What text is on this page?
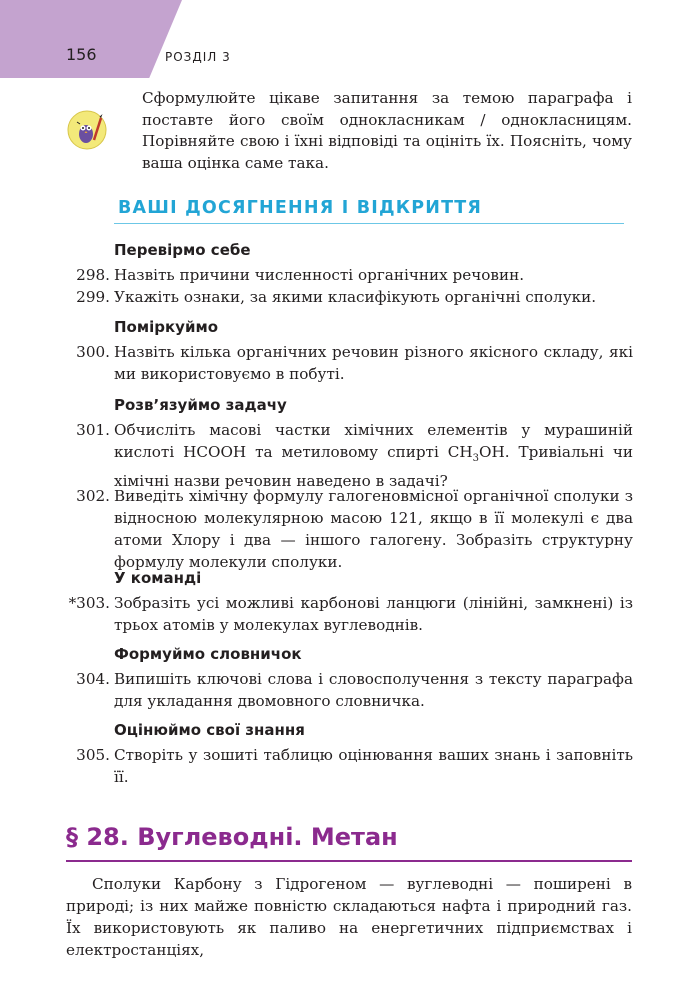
156	РОЗДІЛ 3

Сформулюйте цікаве запитання за темою параграфа і поставте його своїм однокласникам / однокласницям. Порівняйте свою і їхні відповіді та оцініть їх. Поясніть, чому ваша оцінка саме така.

ВАШІ ДОСЯГНЕННЯ І ВІДКРИТТЯ
Перевірмо себе
298. Назвіть причини численності органічних речовин.
299. Укажіть ознаки, за якими класифікують органічні сполуки.
Поміркуймо
300. Назвіть кілька органічних речовин різного якісного складу, які ми використовуємо в побуті.
Розв’язуймо задачу
301. Обчисліть масові частки хімічних елементів у мурашиній кислоті НСООН та метиловому спирті $СН_3ОН$. Тривіальні чи хімічні назви речовин наведено в задачі?
302. Виведіть хімічну формулу галогеновмісної органічної сполуки з відносною молекулярною масою 121, якщо в її молекулі є два атоми Хлору і два — іншого галогену. Зобразіть структурну формулу молекули сполуки.
У команді
*303. Зобразіть усі можливі карбонові ланцюги (лінійні, замкнені) із трьох атомів у молекулах вуглеводнів.
Формуймо словничок
304. Випишіть ключові слова і словосполучення з тексту параграфа для укладання двомовного словничка.
Оцінюймо свої знання
305. Створіть у зошиті таблицю оцінювання ваших знань і заповніть її.
§ 28. Вуглеводні. Метан

Сполуки Карбону з Гідрогеном — вуглеводні — поширені в природі; із них майже повністю складаються нафта і природний газ. Їх використовують як паливо на енергетичних підприємствах і електростанціях,
